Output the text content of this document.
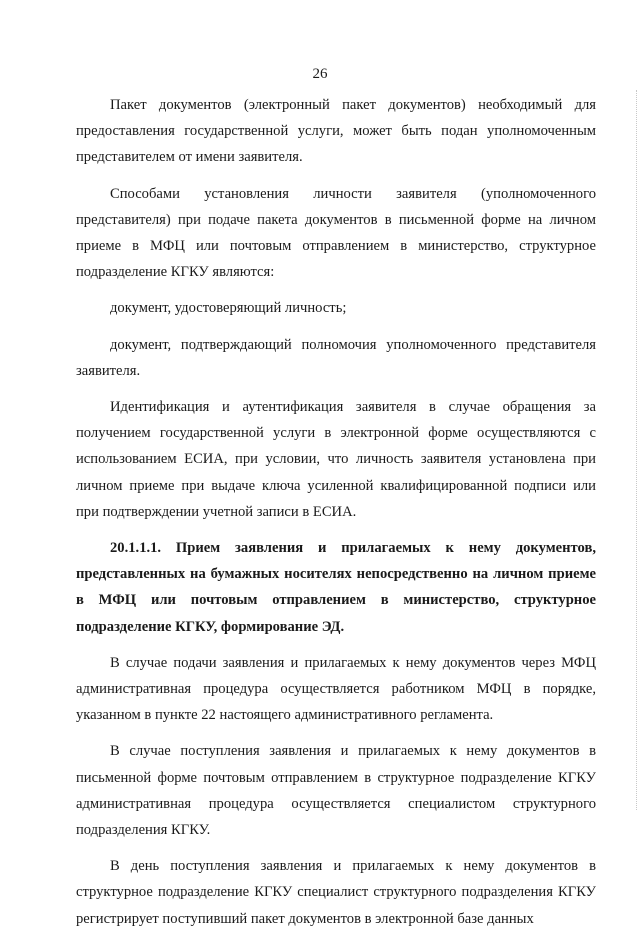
26

Пакет документов (электронный пакет документов) необходимый для предоставления государственной услуги, может быть подан уполномоченным представителем от имени заявителя.

Способами установления личности заявителя (уполномоченного представителя) при подаче пакета документов в письменной форме на личном приеме в МФЦ или почтовым отправлением в министерство, структурное подразделение КГКУ являются:

документ, удостоверяющий личность;

документ, подтверждающий полномочия уполномоченного представителя заявителя.

Идентификация и аутентификация заявителя в случае обращения за получением государственной услуги в электронной форме осуществляются с использованием ЕСИА, при условии, что личность заявителя установлена при личном приеме при выдаче ключа усиленной квалифицированной подписи или при подтверждении учетной записи в ЕСИА.

20.1.1.1. Прием заявления и прилагаемых к нему документов, представленных на бумажных носителях непосредственно на личном приеме в МФЦ или почтовым отправлением в министерство, структурное подразделение КГКУ, формирование ЭД.

В случае подачи заявления и прилагаемых к нему документов через МФЦ административная процедура осуществляется работником МФЦ в порядке, указанном в пункте 22 настоящего административного регламента.

В случае поступления заявления и прилагаемых к нему документов в письменной форме почтовым отправлением в структурное подразделение КГКУ административная процедура осуществляется специалистом структурного подразделения КГКУ.

В день поступления заявления и прилагаемых к нему документов в структурное подразделение КГКУ специалист структурного подразделения КГКУ регистрирует поступивший пакет документов в электронной базе данных
